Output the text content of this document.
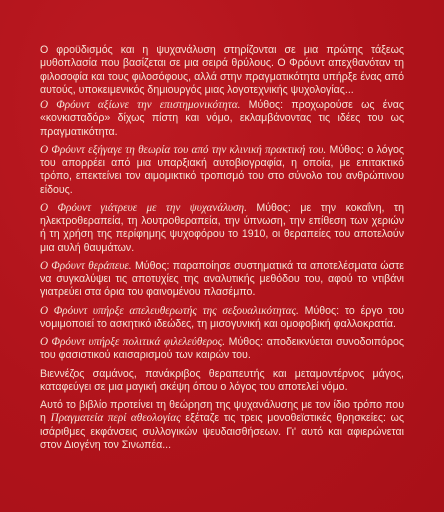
Ο φροϋδισμός και η ψυχανάλυση στηρίζονται σε μια πρώτης τάξεως μυθοπλασία που βασίζεται σε μια σειρά θρύλους. Ο Φρόυντ απεχθανόταν τη φιλοσοφία και τους φιλοσόφους, αλλά στην πραγματικότητα υπήρξε ένας από αυτούς, υποκειμενικός δημιουργός μιας λογοτεχνικής ψυχολογίας...

Ο Φρόυντ αξίωνε την επιστημονικότητα. Μύθος: προχωρούσε ως ένας «κονκισταδόρ» δίχως πίστη και νόμο, εκλαμβάνοντας τις ιδέες του ως πραγματικότητα.

Ο Φρόυντ εξήγαγε τη θεωρία του από την κλινική πρακτική του. Μύθος: ο λόγος του απορρέει από μια υπαρξιακή αυτοβιογραφία, η οποία, με επιτακτικό τρόπο, επεκτείνει τον αιμομικτικό τροπισμό του στο σύνολο του ανθρώπινου είδους.

Ο Φρόυντ γιάτρευε με την ψυχανάλυση. Μύθος: με την κοκαΐνη, τη ηλεκτροθεραπεία, τη λουτροθεραπεία, την ύπνωση, την επίθεση των χεριών ή τη χρήση της περίφημης ψυχοφόρου το 1910, οι θεραπείες του αποτελούν μια αυλή θαυμάτων.

Ο Φρόυντ θεράπευε. Μύθος: παραποίησε συστηματικά τα αποτελέσματα ώστε να συγκαλύψει τις αποτυχίες της αναλυτικής μεθόδου του, αφού το ντιβάνι γιατρεύει στα όρια του φαινομένου πλασέμπο.

Ο Φρόυντ υπήρξε απελευθερωτής της σεξουαλικότητας. Μύθος: το έργο του νομιμοποιεί το ασκητικό ιδεώδες, τη μισογυνική και ομοφοβική φαλλοκρατία.

Ο Φρόυντ υπήρξε πολιτικά φιλελεύθερος. Μύθος: αποδεικνύεται συνοδοιπόρος του φασιστικού καισαρισμού των καιρών του.

Βιεννέζος σαμάνος, πανάκριβος θεραπευτής και μεταμοντέρνος μάγος, καταφεύγει σε μια μαγική σκέψη όπου ο λόγος του αποτελεί νόμο.

Αυτό το βιβλίο προτείνει τη θεώρηση της ψυχανάλυσης με τον ίδιο τρόπο που η Πραγματεία περί αθεολογίας εξέταζε τις τρεις μονοθεϊστικές θρησκείες: ως ισάριθμες εκφάνσεις συλλογικών ψευδαισθήσεων. Γι' αυτό και αφιερώνεται στον Διογένη τον Σινωπέα...
